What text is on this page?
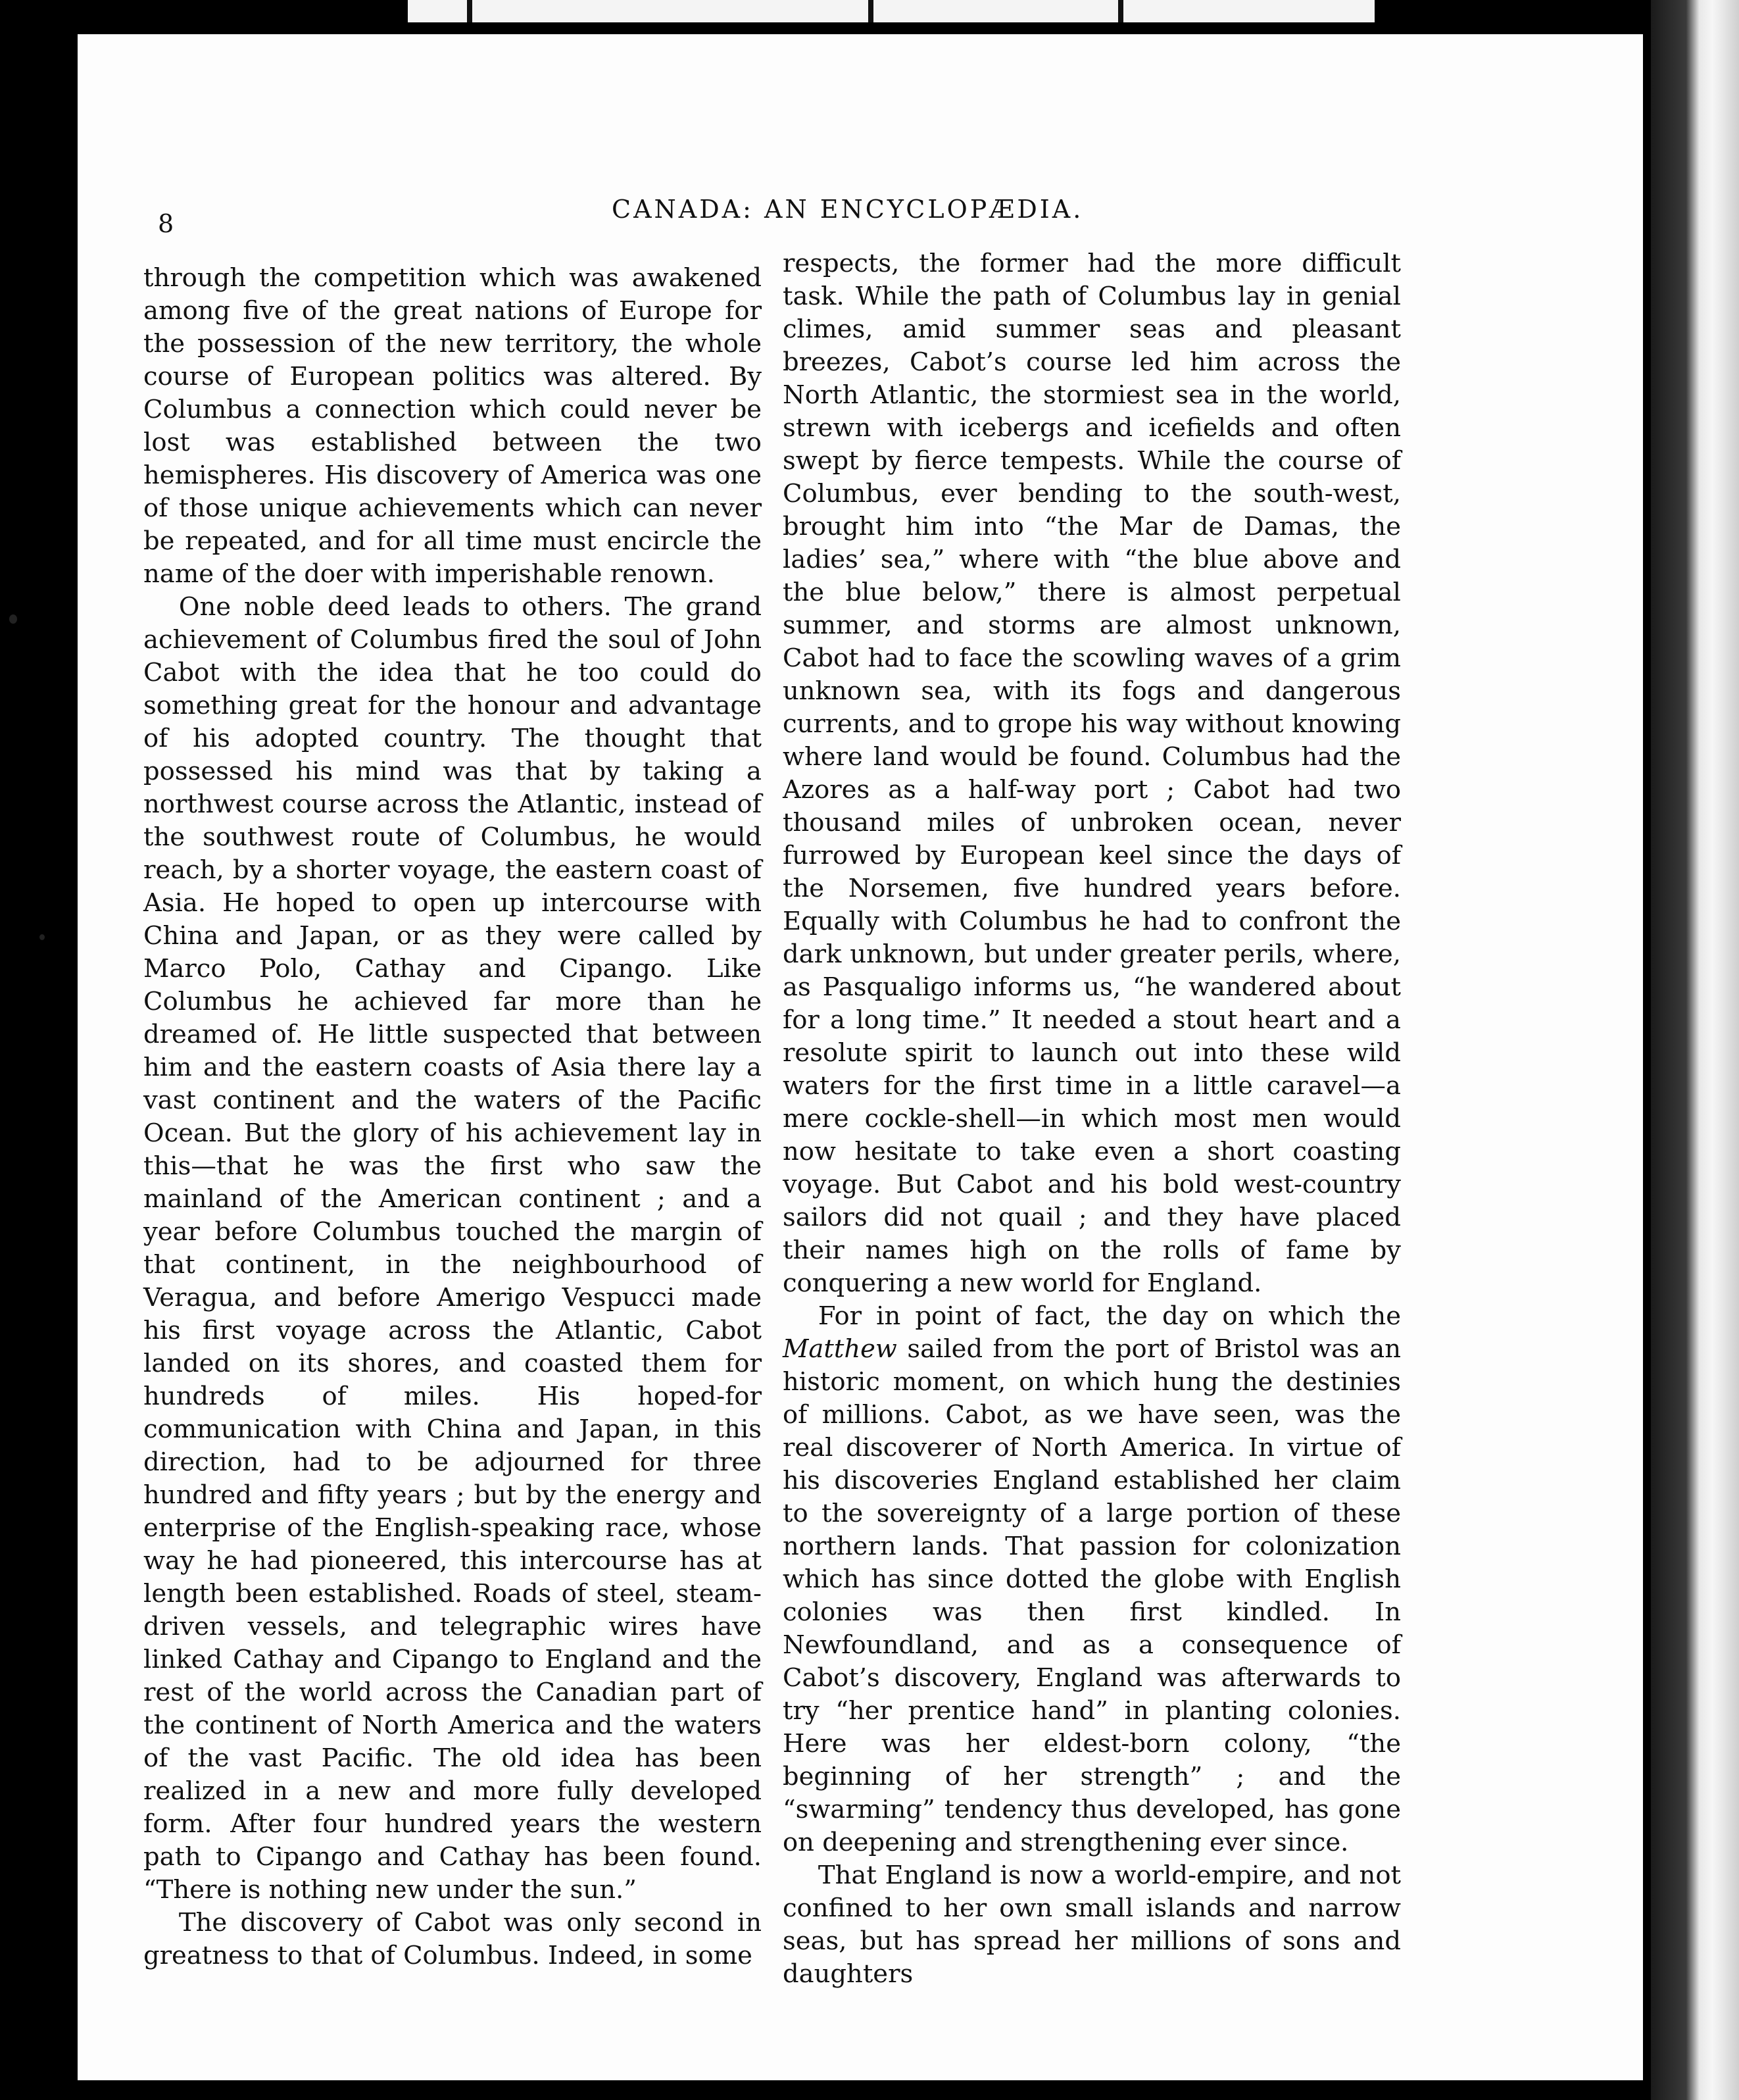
8	CANADA: AN ENCYCLOPÆDIA.

through the competition which was awakened among five of the great nations of Europe for the possession of the new territory, the whole course of European politics was altered. By Columbus a connection which could never be lost was established between the two hemispheres. His discovery of America was one of those unique achievements which can never be repeated, and for all time must encircle the name of the doer with imperishable renown.

One noble deed leads to others. The grand achievement of Columbus fired the soul of John Cabot with the idea that he too could do something great for the honour and advantage of his adopted country. The thought that possessed his mind was that by taking a northwest course across the Atlantic, instead of the southwest route of Columbus, he would reach, by a shorter voyage, the eastern coast of Asia. He hoped to open up intercourse with China and Japan, or as they were called by Marco Polo, Cathay and Cipango. Like Columbus he achieved far more than he dreamed of. He little suspected that between him and the eastern coasts of Asia there lay a vast continent and the waters of the Pacific Ocean. But the glory of his achievement lay in this—that he was the first who saw the mainland of the American continent ; and a year before Columbus touched the margin of that continent, in the neighbourhood of Veragua, and before Amerigo Vespucci made his first voyage across the Atlantic, Cabot landed on its shores, and coasted them for hundreds of miles. His hoped-for communication with China and Japan, in this direction, had to be adjourned for three hundred and fifty years ; but by the energy and enterprise of the English-speaking race, whose way he had pioneered, this intercourse has at length been established. Roads of steel, steam-driven vessels, and telegraphic wires have linked Cathay and Cipango to England and the rest of the world across the Canadian part of the continent of North America and the waters of the vast Pacific. The old idea has been realized in a new and more fully developed form. After four hundred years the western path to Cipango and Cathay has been found. “There is nothing new under the sun.”

The discovery of Cabot was only second in greatness to that of Columbus. Indeed, in some

respects, the former had the more difficult task. While the path of Columbus lay in genial climes, amid summer seas and pleasant breezes, Cabot’s course led him across the North Atlantic, the stormiest sea in the world, strewn with icebergs and icefields and often swept by fierce tempests. While the course of Columbus, ever bending to the south-west, brought him into “the Mar de Damas, the ladies’ sea,” where with “the blue above and the blue below,” there is almost perpetual summer, and storms are almost unknown, Cabot had to face the scowling waves of a grim unknown sea, with its fogs and dangerous currents, and to grope his way without knowing where land would be found. Columbus had the Azores as a half-way port ; Cabot had two thousand miles of unbroken ocean, never furrowed by European keel since the days of the Norsemen, five hundred years before. Equally with Columbus he had to confront the dark unknown, but under greater perils, where, as Pasqualigo informs us, “he wandered about for a long time.” It needed a stout heart and a resolute spirit to launch out into these wild waters for the first time in a little caravel—a mere cockle-shell—in which most men would now hesitate to take even a short coasting voyage. But Cabot and his bold west-country sailors did not quail ; and they have placed their names high on the rolls of fame by conquering a new world for England.

For in point of fact, the day on which the Matthew sailed from the port of Bristol was an historic moment, on which hung the destinies of millions. Cabot, as we have seen, was the real discoverer of North America. In virtue of his discoveries England established her claim to the sovereignty of a large portion of these northern lands. That passion for colonization which has since dotted the globe with English colonies was then first kindled. In Newfoundland, and as a consequence of Cabot’s discovery, England was afterwards to try “her prentice hand” in planting colonies. Here was her eldest-born colony, “the beginning of her strength” ; and the “swarming” tendency thus developed, has gone on deepening and strengthening ever since.

That England is now a world-empire, and not confined to her own small islands and narrow seas, but has spread her millions of sons and daughters
